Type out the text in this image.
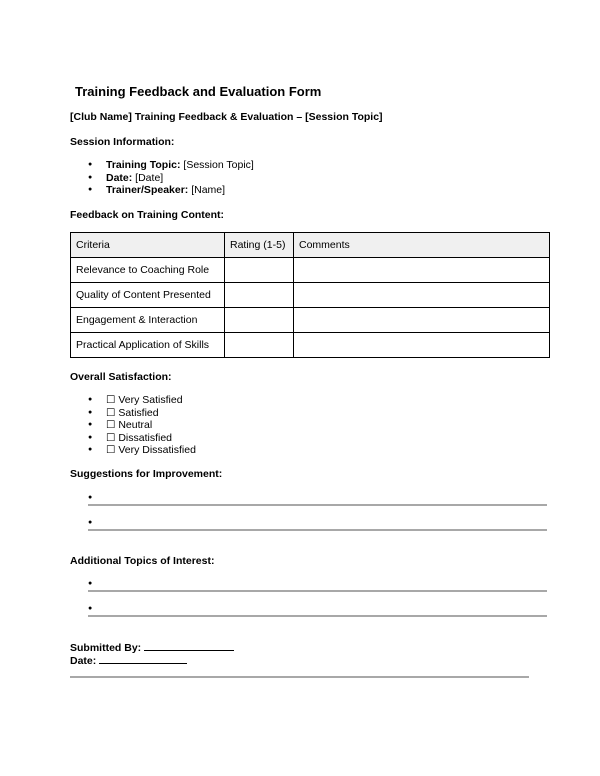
Training Feedback and Evaluation Form
[Club Name] Training Feedback & Evaluation – [Session Topic]
Session Information:
● Training Topic: [Session Topic]
● Date: [Date]
● Trainer/Speaker: [Name]
Feedback on Training Content:
Criteria	Rating (1-5)	Comments
Relevance to Coaching Role		
Quality of Content Presented		
Engagement & Interaction		
Practical Application of Skills		
Overall Satisfaction:
● ☐ Very Satisfied
● ☐ Satisfied
● ☐ Neutral
● ☐ Dissatisfied
● ☐ Very Dissatisfied
Suggestions for Improvement:
●
●
Additional Topics of Interest:
●
●
Submitted By:
Date:
